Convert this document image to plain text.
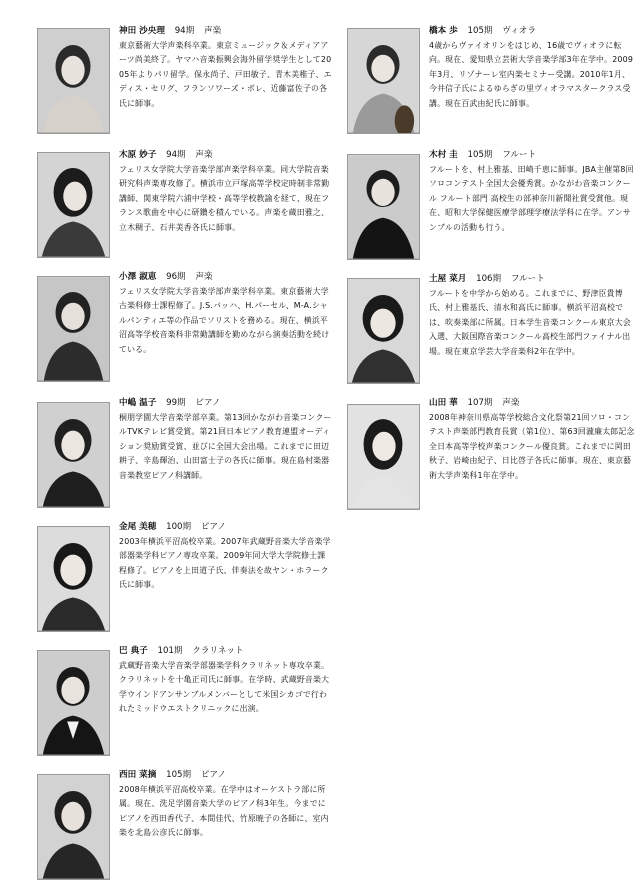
神田 沙央理 94期 声楽
東京藝術大学声楽科卒業。東京ミュージック＆メディアアーツ尚美終了。ヤマハ音楽振興会海外留学奨学生として2005年よりパリ留学。保永尚子、戸田敏子、青木美稚子、エディス・セリグ、フランソワーズ・ポレ、近藤富佐子の各氏に師事。
木原 妙子 94期 声楽
フェリス女学院大学音楽学部声楽学科卒業。同大学院音楽研究科声楽専攻修了。横浜市立戸塚高等学校定時制非常勤講師、関東学院六浦中学校・高等学校教諭を経て、現在フランス歌曲を中心に研鑽を積んでいる。声楽を蔵田雅之、立木稠子、石井美香各氏に師事。
小澤 淑恵 96期 声楽
フェリス女学院大学音楽学部声楽学科卒業。東京藝術大学古楽科修士課程修了。J.S.バッハ、H.パーセル、M-A.シャルパンティエ等の作品でソリストを務める。現在、横浜平沼高等学校音楽科非常勤講師を勤めながら演奏活動を続けている。
中嶋 温子 99期 ピアノ
桐朋学園大学音楽学部卒業。第13回かながわ音楽コンクールTVKテレビ賞受賞。第21回日本ピアノ教育連盟オーディション奨励賞受賞、並びに全国大会出場。これまでに田辺耕子、辛島輝治、山田富士子の各氏に師事。現在島村楽器音楽教室ピアノ科講師。
金尾 美穂 100期 ピアノ
2003年横浜平沼高校卒業。2007年武蔵野音楽大学音楽学部器楽学科ピアノ専攻卒業。2009年同大学大学院修士課程修了。ピアノを上田道子氏、伴奏法を故ヤン・ホラーク氏に師事。
巴 典子 101期 クラリネット
武蔵野音楽大学音楽学部器楽学科クラリネット専攻卒業。クラリネットを十亀正司氏に師事。在学時、武蔵野音楽大学ウインドアンサンブルメンバーとして米国シカゴで行われたミッドウエストクリニックに出演。
西田 菜摘 105期 ピアノ
2008年横浜平沼高校卒業。在学中はオーケストラ部に所属。現在、洗足学園音楽大学のピアノ科3年生。今までにピアノを西田香代子、本間佳代、竹原暁子の各師に、室内楽を北島公彦氏に師事。
橋本 歩 105期 ヴィオラ
4歳からヴァイオリンをはじめ、16歳でヴィオラに転向。現在、愛知県立芸術大学音楽学部3年在学中。2009年3月、リゾナーレ室内楽セミナー受講。2010年1月、今井信子氏によるゆらぎの里ヴィオラマスタークラス受講。現在百武由紀氏に師事。
木村 圭 105期 フルート
フルートを、村上雅基、田崎千恵に師事。JBA主催第8回ソロコンテスト全国大会優秀賞。かながわ音楽コンクール フルート部門 高校生の部神奈川新聞社賞受賞他。現在、昭和大学保健医療学部理学療法学科に在学。アンサンブルの活動も行う。
土屋 菜月 106期 フルート
フルートを中学から始める。これまでに、野津臣貴博氏、村上雅基氏、清水和高氏に師事。横浜平沼高校では、吹奏楽部に所属。日本学生音楽コンクール東京大会入選、大阪国際音楽コンクール高校生部門ファイナル出場。現在東京学芸大学音楽科2年在学中。
山田 華 107期 声楽
2008年神奈川県高等学校総合文化祭第21回ソロ・コンテスト声楽部門教育長賞（第1位）、第63回瀧廉太郎記念全日本高等学校声楽コンクール優良賞。これまでに岡田秋子、岩崎由紀子、日比啓子各氏に師事。現在、東京藝術大学声楽科1年在学中。
